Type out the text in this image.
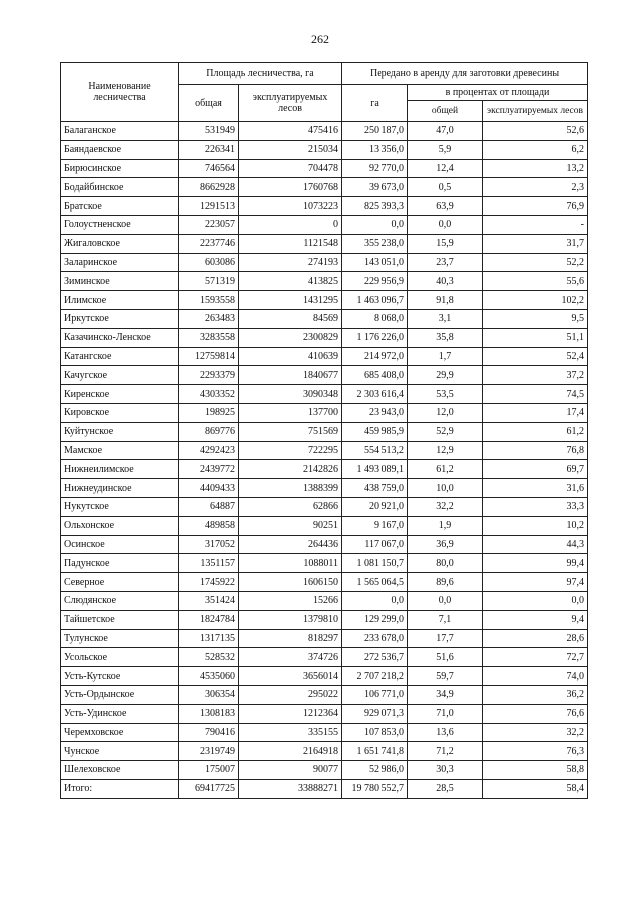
262
Наименование лесничества	Площадь лесничества, га		Передано в аренду для заготовки древесины		
	общая	эксплуатируемых лесов	га	в процентах от площади	
				общей	эксплуатируемых лесов
Балаганское	531949	475416	250 187,0	47,0	52,6
Баяндаевское	226341	215034	13 356,0	5,9	6,2
Бирюсинское	746564	704478	92 770,0	12,4	13,2
Бодайбинское	8662928	1760768	39 673,0	0,5	2,3
Братское	1291513	1073223	825 393,3	63,9	76,9
Голоустненское	223057	0	0,0	0,0	-
Жигаловское	2237746	1121548	355 238,0	15,9	31,7
Заларинское	603086	274193	143 051,0	23,7	52,2
Зиминское	571319	413825	229 956,9	40,3	55,6
Илимское	1593558	1431295	1 463 096,7	91,8	102,2
Иркутское	263483	84569	8 068,0	3,1	9,5
Казачинско-Ленское	3283558	2300829	1 176 226,0	35,8	51,1
Катангское	12759814	410639	214 972,0	1,7	52,4
Качугское	2293379	1840677	685 408,0	29,9	37,2
Киренское	4303352	3090348	2 303 616,4	53,5	74,5
Кировское	198925	137700	23 943,0	12,0	17,4
Куйтунское	869776	751569	459 985,9	52,9	61,2
Мамское	4292423	722295	554 513,2	12,9	76,8
Нижнеилимское	2439772	2142826	1 493 089,1	61,2	69,7
Нижнеудинское	4409433	1388399	438 759,0	10,0	31,6
Нукутское	64887	62866	20 921,0	32,2	33,3
Ольхонское	489858	90251	9 167,0	1,9	10,2
Осинское	317052	264436	117 067,0	36,9	44,3
Падунское	1351157	1088011	1 081 150,7	80,0	99,4
Северное	1745922	1606150	1 565 064,5	89,6	97,4
Слюдянское	351424	15266	0,0	0,0	0,0
Тайшетское	1824784	1379810	129 299,0	7,1	9,4
Тулунское	1317135	818297	233 678,0	17,7	28,6
Усольское	528532	374726	272 536,7	51,6	72,7
Усть-Кутское	4535060	3656014	2 707 218,2	59,7	74,0
Усть-Ордынское	306354	295022	106 771,0	34,9	36,2
Усть-Удинское	1308183	1212364	929 071,3	71,0	76,6
Черемховское	790416	335155	107 853,0	13,6	32,2
Чунское	2319749	2164918	1 651 741,8	71,2	76,3
Шелеховское	175007	90077	52 986,0	30,3	58,8
Итого:	69417725	33888271	19 780 552,7	28,5	58,4
